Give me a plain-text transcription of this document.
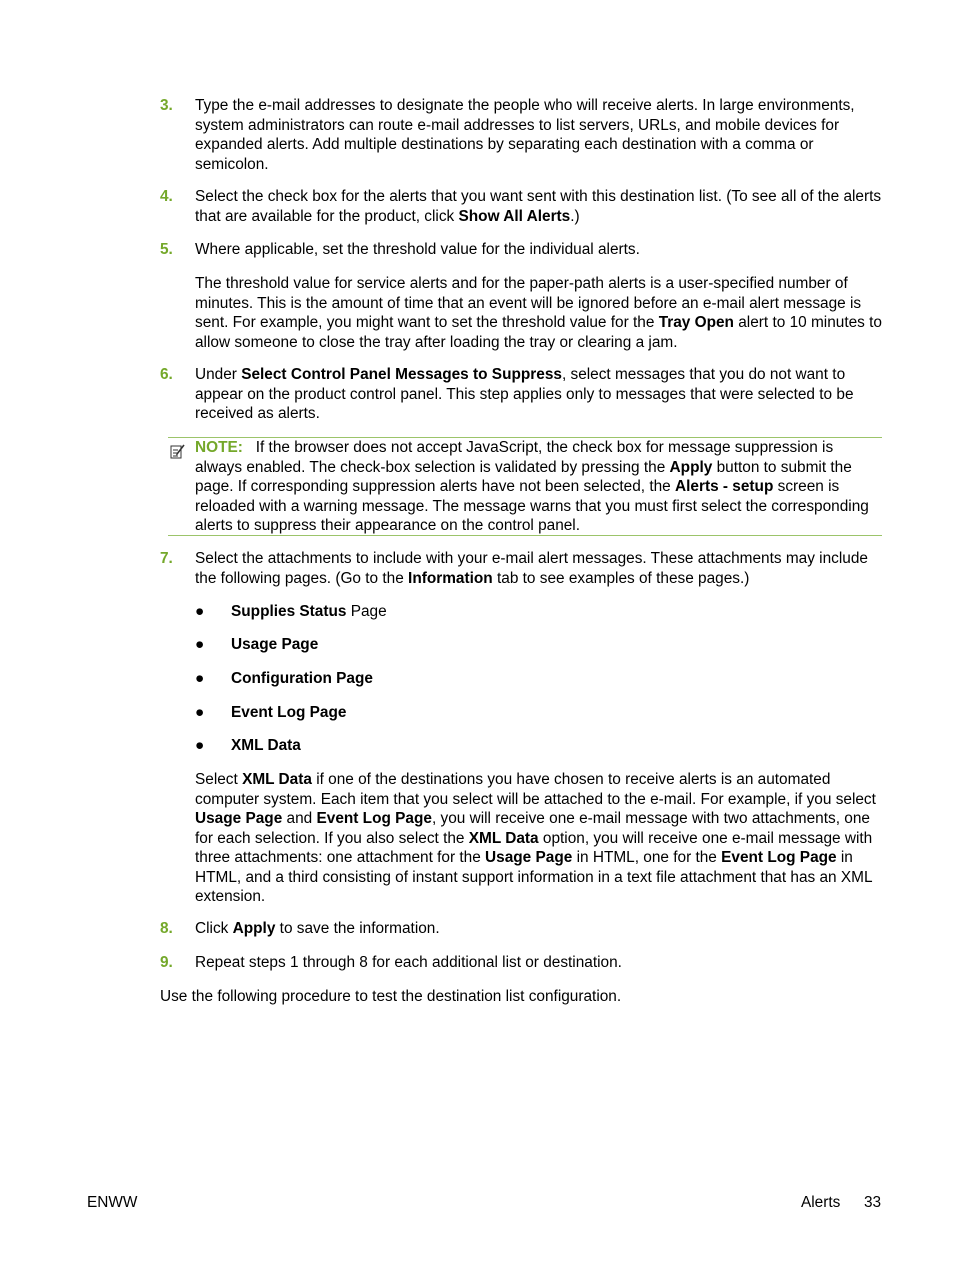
3.	Type the e-mail addresses to designate the people who will receive alerts. In large environments, system administrators can route e-mail addresses to list servers, URLs, and mobile devices for expanded alerts. Add multiple destinations by separating each destination with a comma or semicolon.
4.	Select the check box for the alerts that you want sent with this destination list. (To see all of the alerts that are available for the product, click Show All Alerts.)
5.	Where applicable, set the threshold value for the individual alerts.
The threshold value for service alerts and for the paper-path alerts is a user-specified number of minutes. This is the amount of time that an event will be ignored before an e-mail alert message is sent. For example, you might want to set the threshold value for the Tray Open alert to 10 minutes to allow someone to close the tray after loading the tray or clearing a jam.
6.	Under Select Control Panel Messages to Suppress, select messages that you do not want to appear on the product control panel. This step applies only to messages that were selected to be received as alerts.
NOTE: If the browser does not accept JavaScript, the check box for message suppression is always enabled. The check-box selection is validated by pressing the Apply button to submit the page. If corresponding suppression alerts have not been selected, the Alerts - setup screen is reloaded with a warning message. The message warns that you must first select the corresponding alerts to suppress their appearance on the control panel.
7.	Select the attachments to include with your e-mail alert messages. These attachments may include the following pages. (Go to the Information tab to see examples of these pages.)
● Supplies Status Page
● Usage Page
● Configuration Page
● Event Log Page
● XML Data
Select XML Data if one of the destinations you have chosen to receive alerts is an automated computer system. Each item that you select will be attached to the e-mail. For example, if you select Usage Page and Event Log Page, you will receive one e-mail message with two attachments, one for each selection. If you also select the XML Data option, you will receive one e-mail message with three attachments: one attachment for the Usage Page in HTML, one for the Event Log Page in HTML, and a third consisting of instant support information in a text file attachment that has an XML extension.
8.	Click Apply to save the information.
9.	Repeat steps 1 through 8 for each additional list or destination.
Use the following procedure to test the destination list configuration.
ENWW	Alerts 33
